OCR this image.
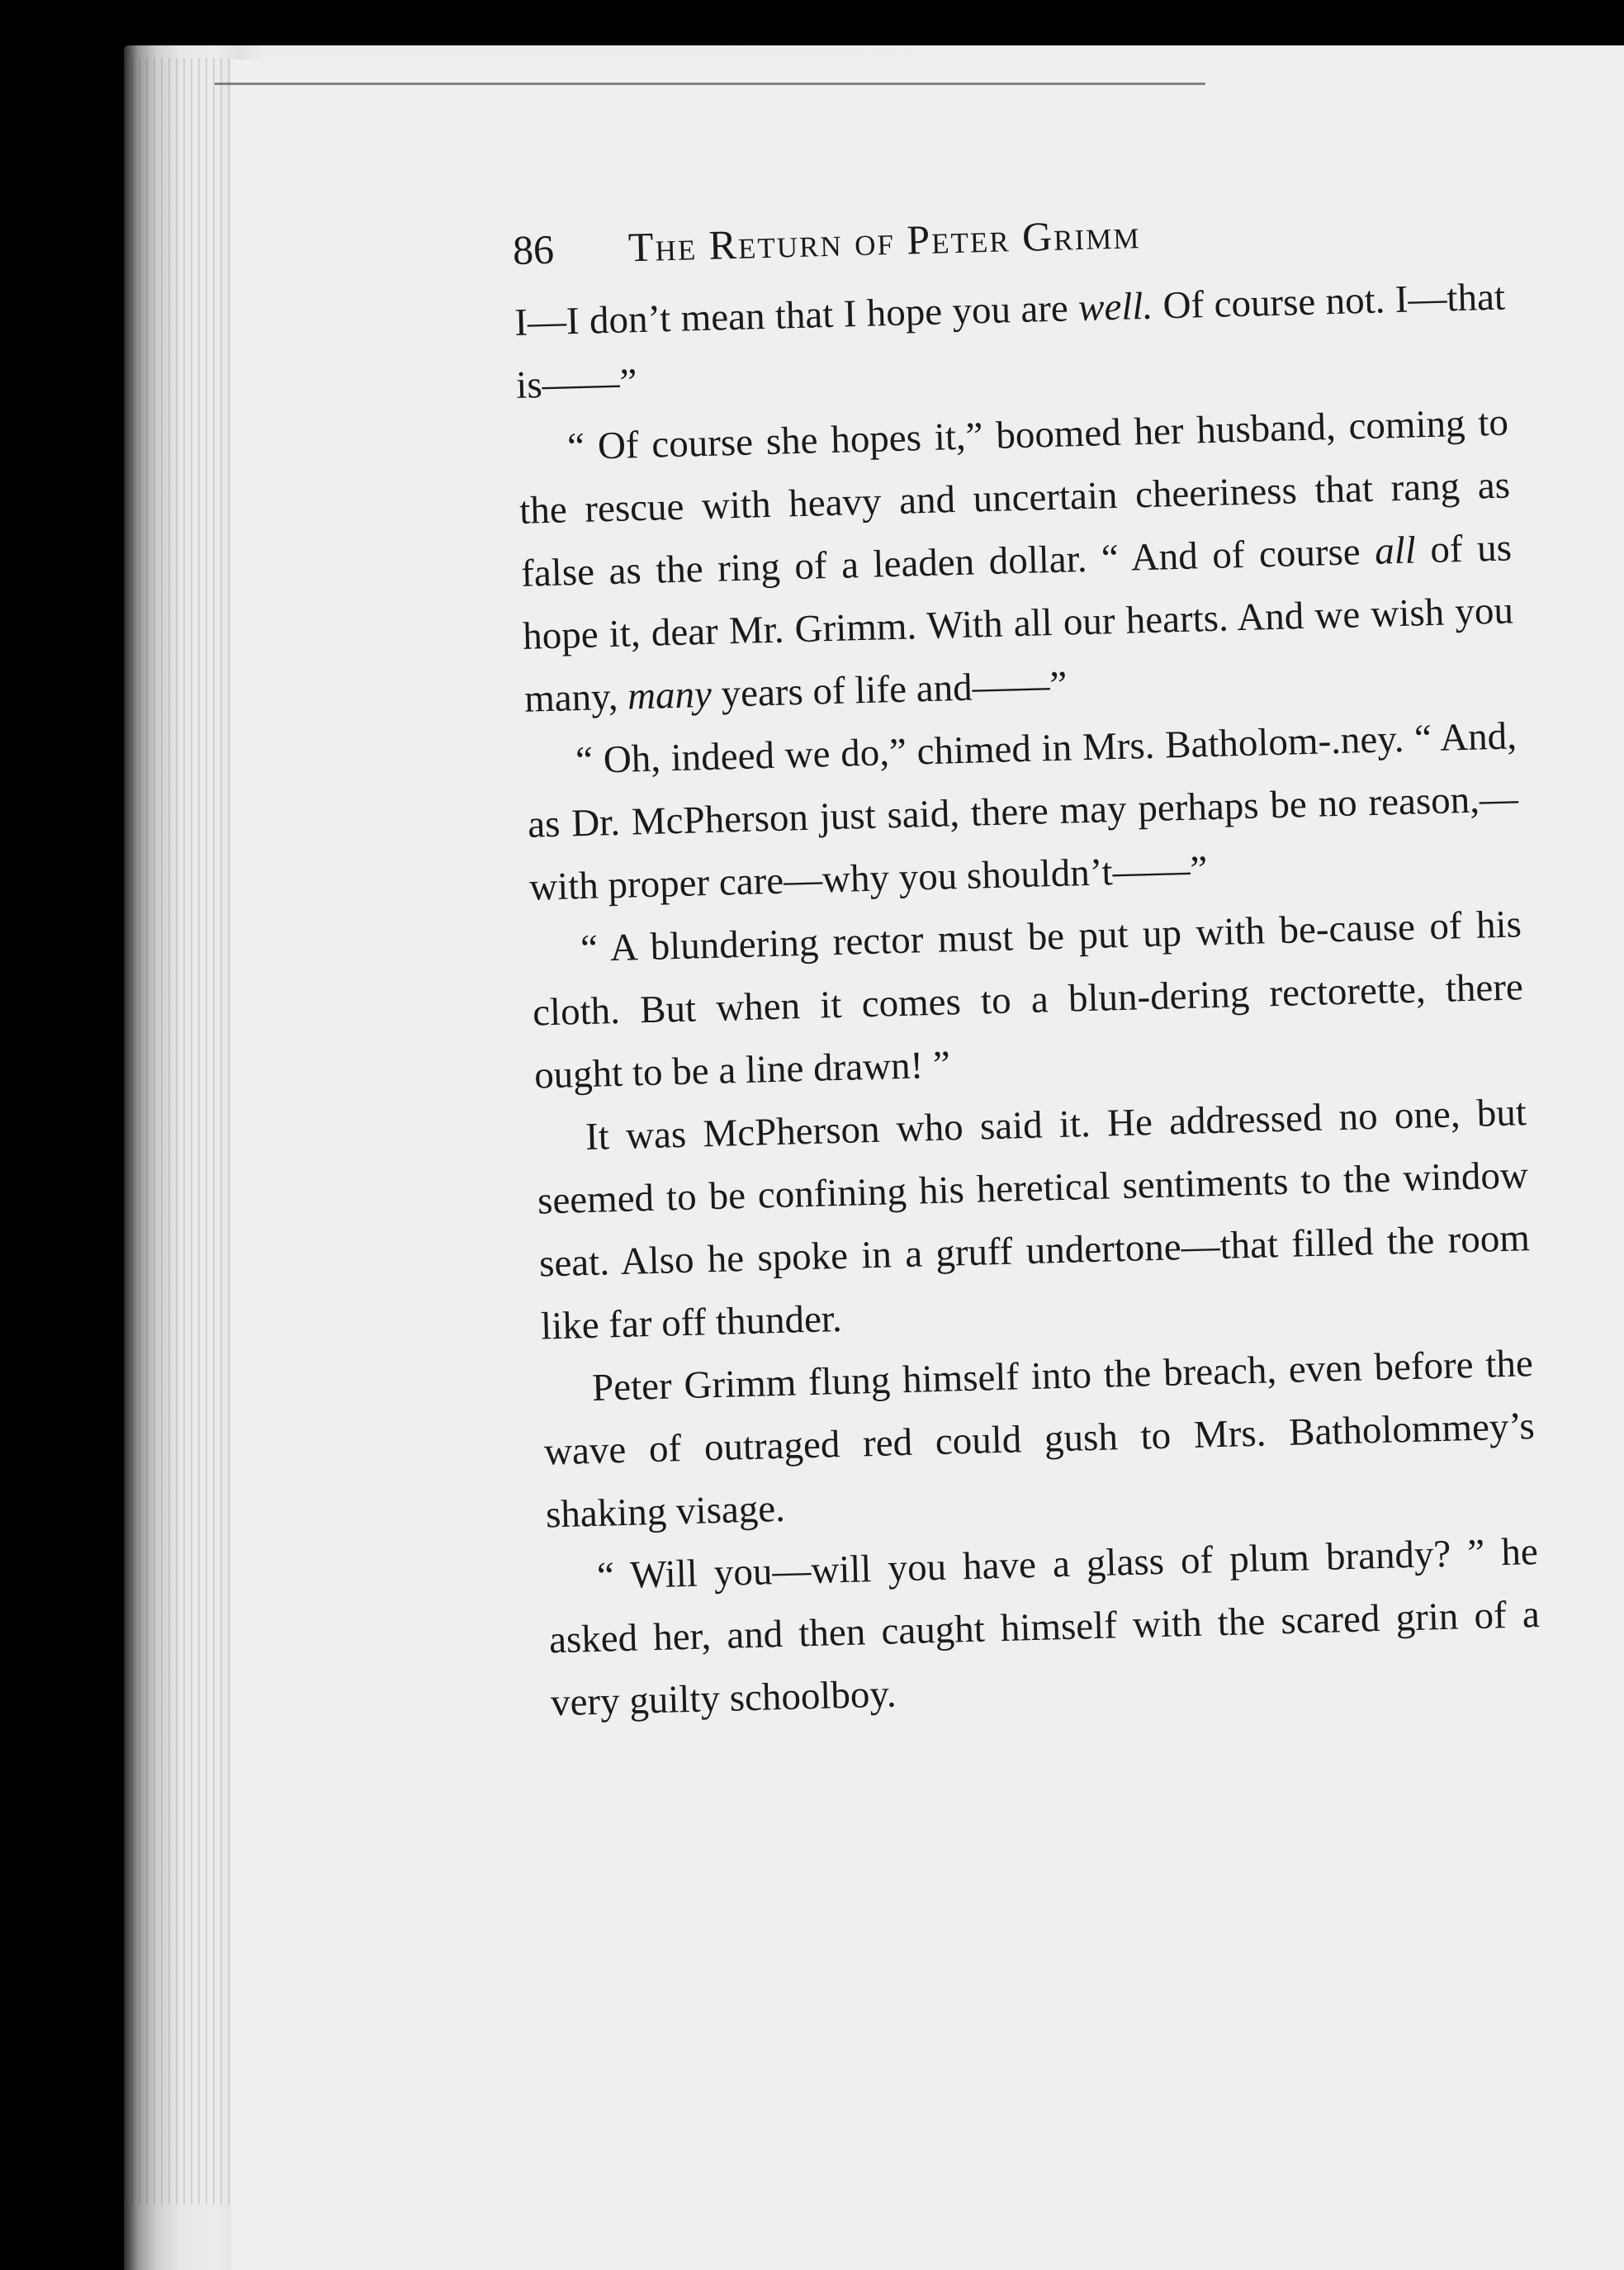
86	The Return of Peter Grimm

I—I don’t mean that I hope you are well. Of course not. I—that is——”

“ Of course she hopes it,” boomed her husband, coming to the rescue with heavy and uncertain cheeriness that rang as false as the ring of a leaden dollar. “ And of course all of us hope it, dear Mr. Grimm. With all our hearts. And we wish you many, many years of life and——”

“ Oh, indeed we do,” chimed in Mrs. Batholom-.ney. “ And, as Dr. McPherson just said, there may perhaps be no reason,—with proper care—why you shouldn’t——”

“ A blundering rector must be put up with be-cause of his cloth. But when it comes to a blun-dering rectorette, there ought to be a line drawn! ”

It was McPherson who said it. He addressed no one, but seemed to be confining his heretical sentiments to the window seat. Also he spoke in a gruff undertone—that filled the room like far off thunder.

Peter Grimm flung himself into the breach, even before the wave of outraged red could gush to Mrs. Batholommey’s shaking visage.

“ Will you—will you have a glass of plum brandy? ” he asked her, and then caught himself with the scared grin of a very guilty schoolboy.
